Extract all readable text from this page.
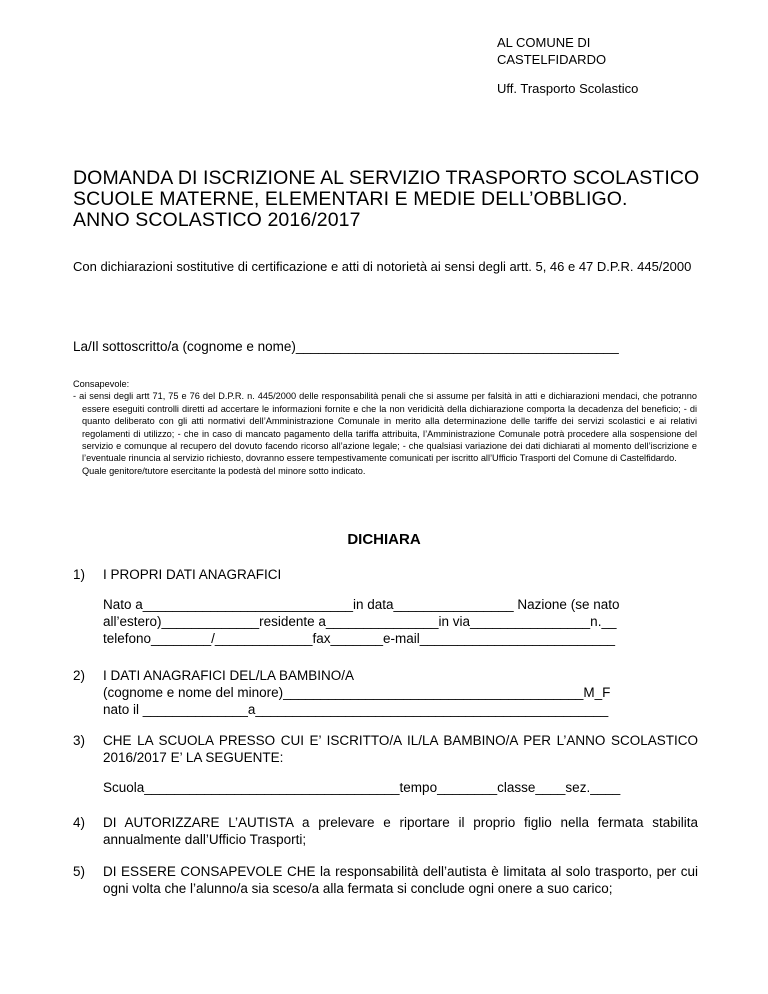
AL COMUNE DI
CASTELFIDARDO
Uff. Trasporto Scolastico
DOMANDA DI ISCRIZIONE AL SERVIZIO TRASPORTO SCOLASTICO
SCUOLE MATERNE, ELEMENTARI E MEDIE DELL’OBBLIGO.
ANNO SCOLASTICO 2016/2017
Con dichiarazioni sostitutive di certificazione e atti di notorietà ai sensi degli artt. 5, 46 e 47 D.P.R. 445/2000
La/Il sottoscritto/a (cognome e nome)___________________________________________
Consapevole:
- ai sensi degli artt 71, 75 e 76 del D.P.R. n. 445/2000 delle responsabilità penali che si assume per falsità in atti e dichiarazioni mendaci, che potranno essere eseguiti controlli diretti ad accertare le informazioni fornite e che la non veridicità della dichiarazione comporta la decadenza del beneficio; - di quanto deliberato con gli atti normativi dell’Amministrazione Comunale in merito alla determinazione delle tariffe dei servizi scolastici e ai relativi regolamenti di utilizzo; - che in caso di mancato pagamento della tariffa attribuita, l’Amministrazione Comunale potrà procedere alla sospensione del servizio e comunque al recupero del dovuto facendo ricorso all’azione legale; - che qualsiasi variazione dei dati dichiarati al momento dell’iscrizione e l’eventuale rinuncia al servizio richiesto, dovranno essere tempestivamente comunicati per iscritto all’Ufficio Trasporti del Comune di Castelfidardo.
Quale genitore/tutore esercitante la podestà del minore sotto indicato.
DICHIARA
1) I PROPRI DATI ANAGRAFICI
Nato a____________________________in data________________ Nazione (se nato
all’estero)_____________residente a_______________in via________________n.__
telefono________/_____________fax_______e-mail__________________________
2) I DATI ANAGRAFICI DEL/LA BAMBINO/A
(cognome e nome del minore)________________________________________M_F
nato il ______________a_______________________________________________
3) CHE LA SCUOLA PRESSO CUI E’ ISCRITTO/A IL/LA BAMBINO/A PER L’ANNO SCOLASTICO 2016/2017 E’ LA SEGUENTE:
Scuola__________________________________tempo________classe____sez.____
4) DI AUTORIZZARE L’AUTISTA a prelevare e riportare il proprio figlio nella fermata stabilita annualmente dall’Ufficio Trasporti;
5) DI ESSERE CONSAPEVOLE CHE la responsabilità dell’autista è limitata al solo trasporto, per cui ogni volta che l’alunno/a sia sceso/a alla fermata si conclude ogni onere a suo carico;
